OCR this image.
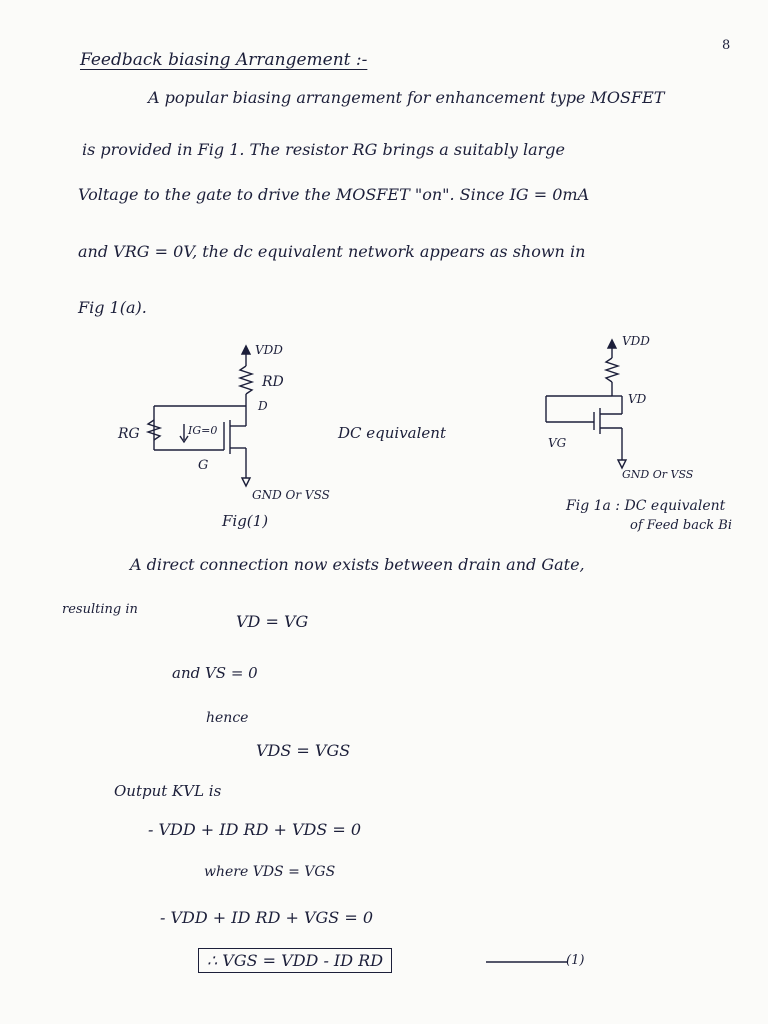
8
Feedback biasing Arrangement :-
A popular biasing arrangement for enhancement type MOSFET
is provided in Fig 1. The resistor RG brings a suitably large
Voltage to the gate to drive the MOSFET "on". Since IG = 0mA
and VRG = 0V, the dc equivalent network appears as shown in
Fig 1(a).
VDD
RD
D
RG	IG=0
G
GND Or VSS
Fig(1)
DC equivalent
VDD
VD
VG
GND Or VSS
Fig 1a : DC equivalent
of Feed back Bi
A direct connection now exists between drain and Gate,
resulting in
VD = VG
and VS = 0
hence
VDS = VGS
Output KVL is
- VDD + ID RD + VDS = 0
where VDS = VGS
- VDD + ID RD + VGS = 0
∴ VGS = VDD - ID RD	(1)
